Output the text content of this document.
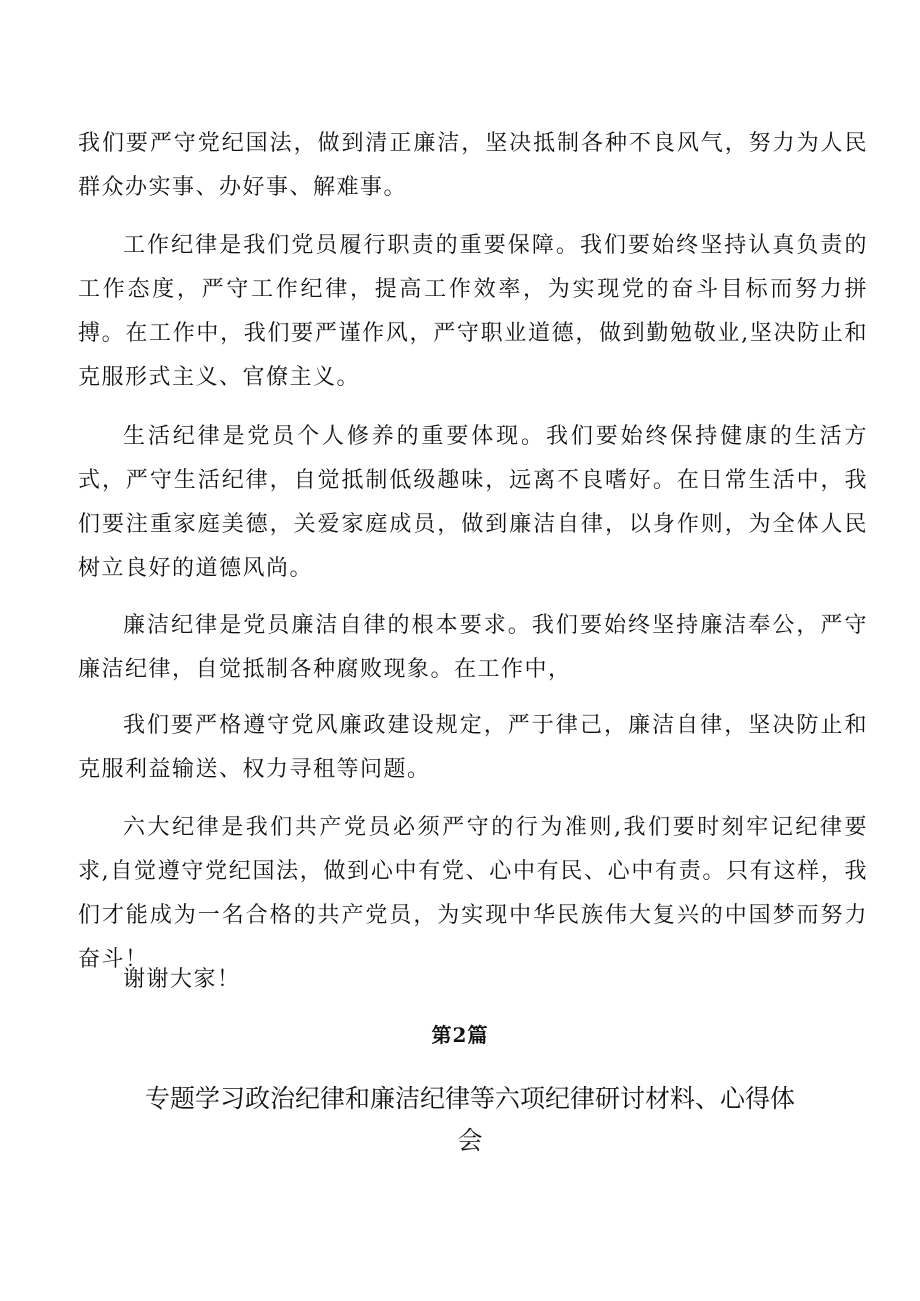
我们要严守党纪国法，做到清正廉洁，坚决抵制各种不良风气，努力为人民群众办实事、办好事、解难事。

工作纪律是我们党员履行职责的重要保障。我们要始终坚持认真负责的工作态度，严守工作纪律，提高工作效率，为实现党的奋斗目标而努力拼搏。在工作中，我们要严谨作风，严守职业道德，做到勤勉敬业,坚决防止和克服形式主义、官僚主义。

生活纪律是党员个人修养的重要体现。我们要始终保持健康的生活方式，严守生活纪律，自觉抵制低级趣味，远离不良嗜好。在日常生活中，我们要注重家庭美德，关爱家庭成员，做到廉洁自律，以身作则，为全体人民树立良好的道德风尚。

廉洁纪律是党员廉洁自律的根本要求。我们要始终坚持廉洁奉公，严守廉洁纪律，自觉抵制各种腐败现象。在工作中，

我们要严格遵守党风廉政建设规定，严于律己，廉洁自律，坚决防止和克服利益输送、权力寻租等问题。

六大纪律是我们共产党员必须严守的行为准则,我们要时刻牢记纪律要求,自觉遵守党纪国法，做到心中有党、心中有民、心中有责。只有这样，我们才能成为一名合格的共产党员，为实现中华民族伟大复兴的中国梦而努力奋斗！

谢谢大家！

第2篇

专题学习政治纪律和廉洁纪律等六项纪律研讨材料、心得体会
